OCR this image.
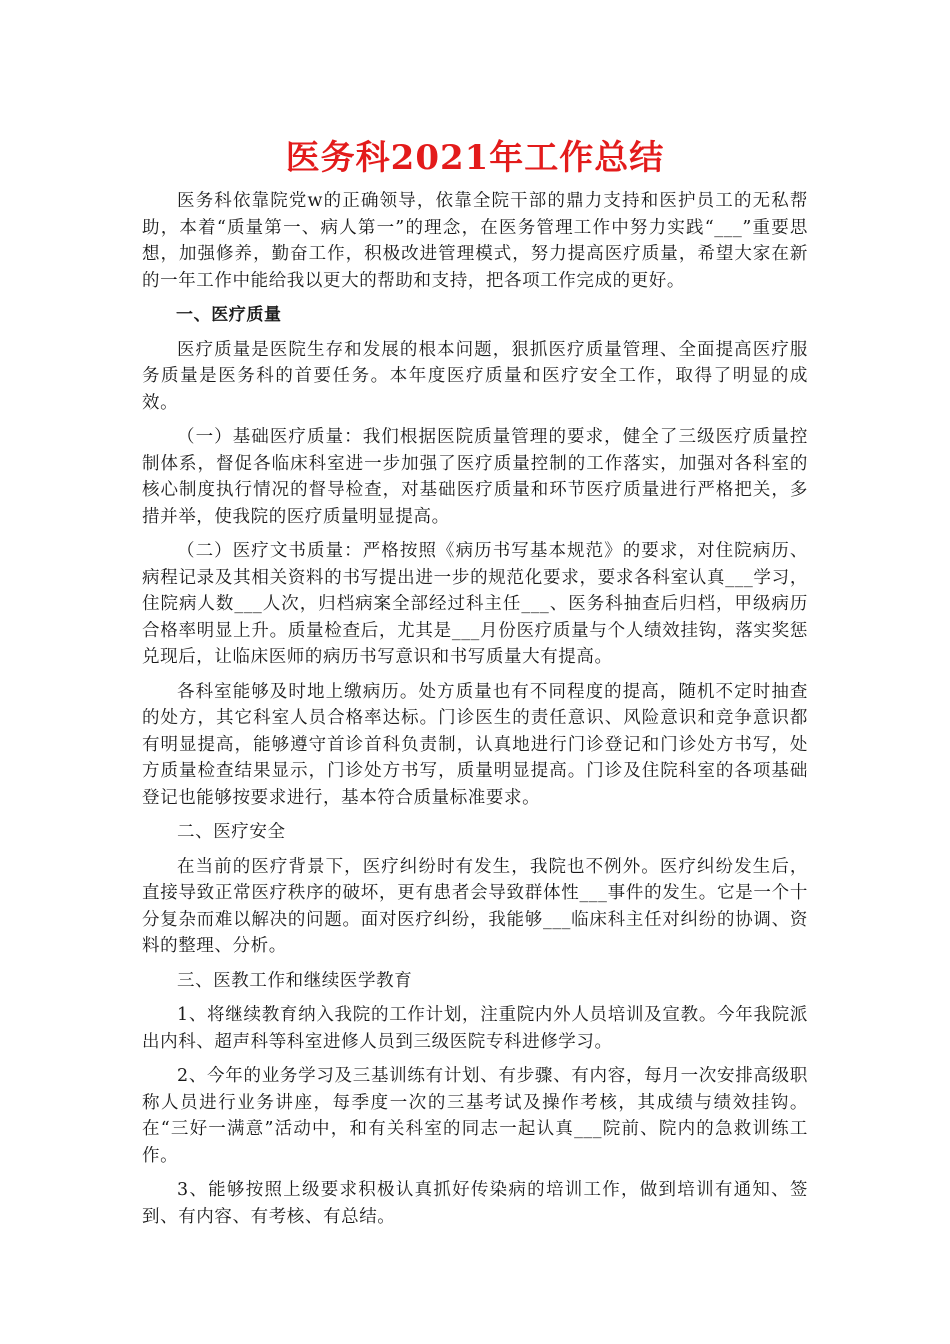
医务科2021年工作总结

医务科依靠院党w的正确领导，依靠全院干部的鼎力支持和医护员工的无私帮助，本着“质量第一、病人第一”的理念，在医务管理工作中努力实践“___”重要思想，加强修养，勤奋工作，积极改进管理模式，努力提高医疗质量，希望大家在新的一年工作中能给我以更大的帮助和支持，把各项工作完成的更好。

一、医疗质量

医疗质量是医院生存和发展的根本问题，狠抓医疗质量管理、全面提高医疗服务质量是医务科的首要任务。本年度医疗质量和医疗安全工作，取得了明显的成效。

（一）基础医疗质量：我们根据医院质量管理的要求，健全了三级医疗质量控制体系，督促各临床科室进一步加强了医疗质量控制的工作落实，加强对各科室的核心制度执行情况的督导检查，对基础医疗质量和环节医疗质量进行严格把关，多措并举，使我院的医疗质量明显提高。

（二）医疗文书质量：严格按照《病历书写基本规范》的要求，对住院病历、病程记录及其相关资料的书写提出进一步的规范化要求，要求各科室认真___学习，住院病人数___人次，归档病案全部经过科主任___、医务科抽查后归档，甲级病历合格率明显上升。质量检查后，尤其是___月份医疗质量与个人绩效挂钩，落实奖惩兑现后，让临床医师的病历书写意识和书写质量大有提高。

各科室能够及时地上缴病历。处方质量也有不同程度的提高，随机不定时抽查的处方，其它科室人员合格率达标。门诊医生的责任意识、风险意识和竞争意识都有明显提高，能够遵守首诊首科负责制，认真地进行门诊登记和门诊处方书写，处方质量检查结果显示，门诊处方书写，质量明显提高。门诊及住院科室的各项基础登记也能够按要求进行，基本符合质量标准要求。

二、医疗安全

在当前的医疗背景下，医疗纠纷时有发生，我院也不例外。医疗纠纷发生后，直接导致正常医疗秩序的破坏，更有患者会导致群体性___事件的发生。它是一个十分复杂而难以解决的问题。面对医疗纠纷，我能够___临床科主任对纠纷的协调、资料的整理、分析。

三、医教工作和继续医学教育

1、将继续教育纳入我院的工作计划，注重院内外人员培训及宣教。今年我院派出内科、超声科等科室进修人员到三级医院专科进修学习。

2、今年的业务学习及三基训练有计划、有步骤、有内容，每月一次安排高级职称人员进行业务讲座，每季度一次的三基考试及操作考核，其成绩与绩效挂钩。在“三好一满意”活动中，和有关科室的同志一起认真___院前、院内的急救训练工作。

3、能够按照上级要求积极认真抓好传染病的培训工作，做到培训有通知、签到、有内容、有考核、有总结。
